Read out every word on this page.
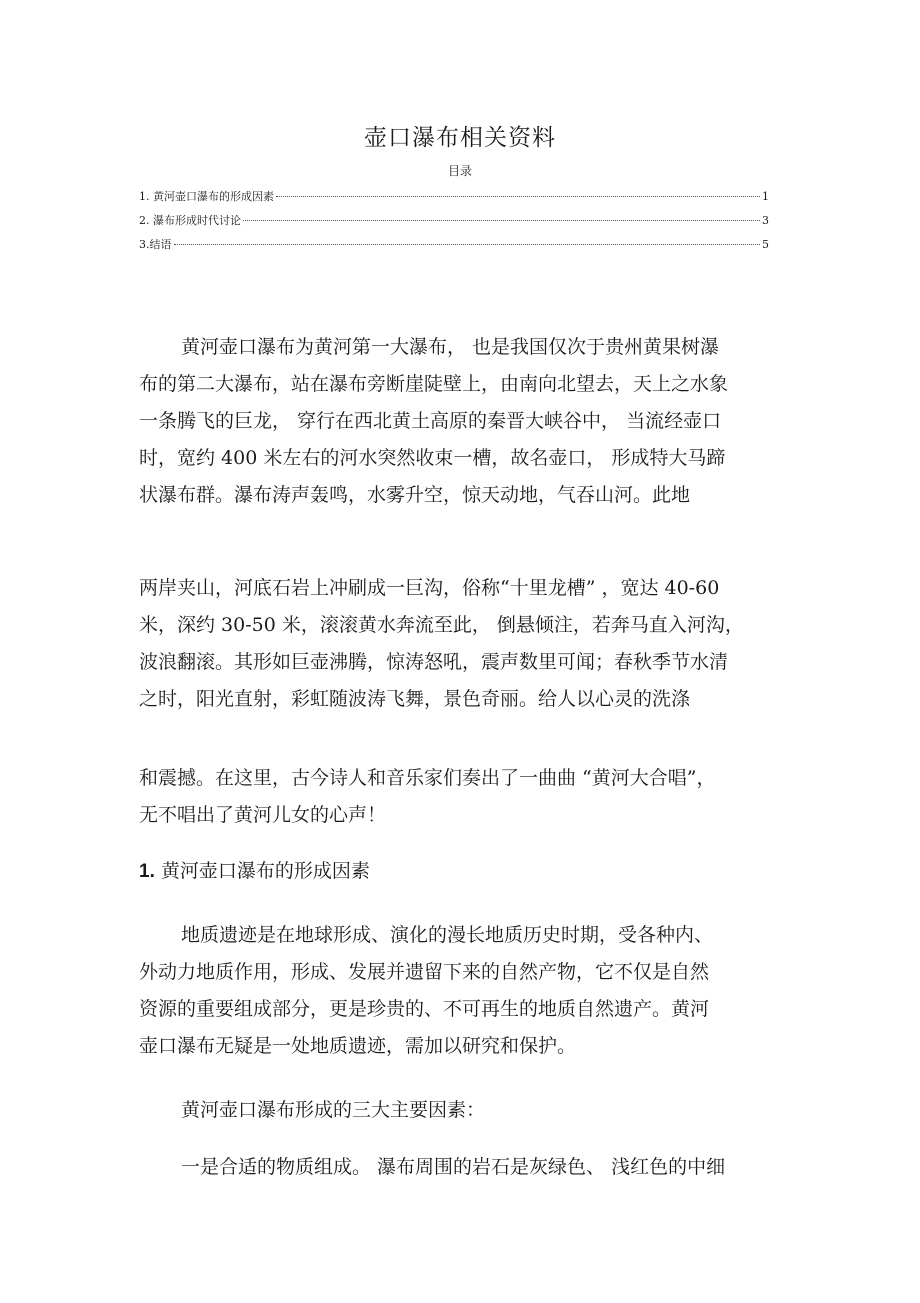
壶口瀑布相关资料
目录
1. 黄河壶口瀑布的形成因素	1
2. 瀑布形成时代讨论	3
3.结语	5
黄河壶口瀑布为黄河第一大瀑布， 也是我国仅次于贵州黄果树瀑
布的第二大瀑布，站在瀑布旁断崖陡壁上，由南向北望去，天上之水象
一条腾飞的巨龙， 穿行在西北黄土高原的秦晋大峡谷中， 当流经壶口
时，宽约 400 米左右的河水突然收束一槽，故名壶口， 形成特大马蹄
状瀑布群。瀑布涛声轰鸣，水雾升空，惊天动地，气吞山河。此地
两岸夹山，河底石岩上冲刷成一巨沟，俗称“十里龙槽” ，宽达 40-60
米，深约 30-50 米，滚滚黄水奔流至此， 倒悬倾注，若奔马直入河沟，
波浪翻滚。其形如巨壶沸腾，惊涛怒吼，震声数里可闻；春秋季节水清
之时，阳光直射，彩虹随波涛飞舞，景色奇丽。给人以心灵的洗涤
和震撼。在这里，古今诗人和音乐家们奏出了一曲曲 “黄河大合唱”，
无不唱出了黄河儿女的心声！
1. 黄河壶口瀑布的形成因素
地质遗迹是在地球形成、演化的漫长地质历史时期，受各种内、
外动力地质作用，形成、发展并遗留下来的自然产物，它不仅是自然
资源的重要组成部分，更是珍贵的、不可再生的地质自然遗产。黄河
壶口瀑布无疑是一处地质遗迹，需加以研究和保护。
黄河壶口瀑布形成的三大主要因素：
一是合适的物质组成。 瀑布周围的岩石是灰绿色、 浅红色的中细
